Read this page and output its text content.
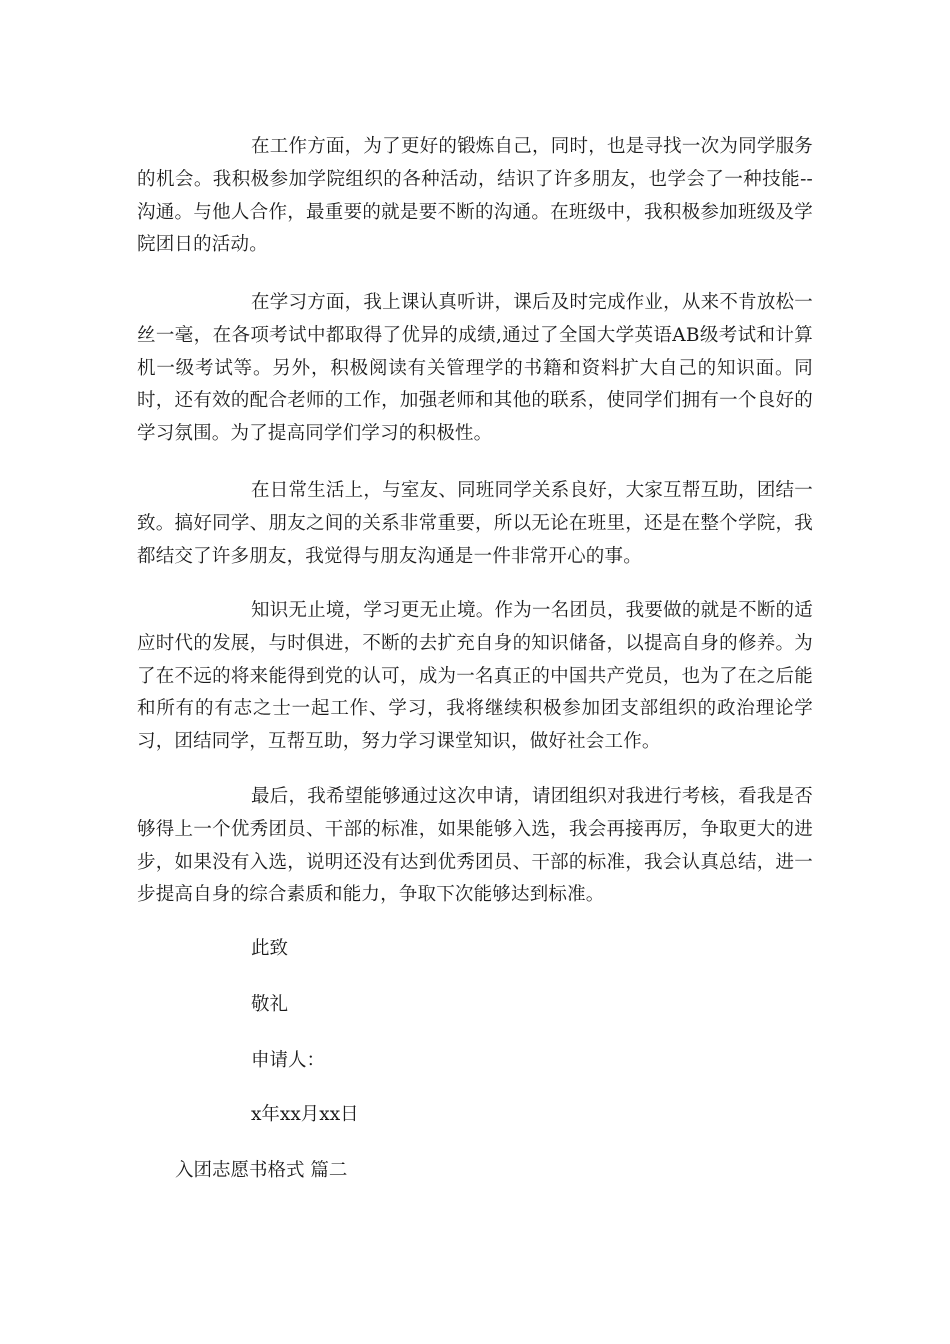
在工作方面，为了更好的锻炼自己，同时，也是寻找一次为同学服务的机会。我积极参加学院组织的各种活动，结识了许多朋友，也学会了一种技能--沟通。与他人合作，最重要的就是要不断的沟通。在班级中，我积极参加班级及学院团日的活动。

在学习方面，我上课认真听讲，课后及时完成作业，从来不肯放松一丝一毫，在各项考试中都取得了优异的成绩,通过了全国大学英语AB级考试和计算机一级考试等。另外，积极阅读有关管理学的书籍和资料扩大自己的知识面。同时，还有效的配合老师的工作，加强老师和其他的联系，使同学们拥有一个良好的学习氛围。为了提高同学们学习的积极性。

在日常生活上，与室友、同班同学关系良好，大家互帮互助，团结一致。搞好同学、朋友之间的关系非常重要，所以无论在班里，还是在整个学院，我都结交了许多朋友，我觉得与朋友沟通是一件非常开心的事。

知识无止境，学习更无止境。作为一名团员，我要做的就是不断的适应时代的发展，与时俱进，不断的去扩充自身的知识储备，以提高自身的修养。为了在不远的将来能得到党的认可，成为一名真正的中国共产党员，也为了在之后能和所有的有志之士一起工作、学习，我将继续积极参加团支部组织的政治理论学习，团结同学，互帮互助，努力学习课堂知识，做好社会工作。

最后，我希望能够通过这次申请，请团组织对我进行考核，看我是否够得上一个优秀团员、干部的标准，如果能够入选，我会再接再厉，争取更大的进步，如果没有入选，说明还没有达到优秀团员、干部的标准，我会认真总结，进一步提高自身的综合素质和能力，争取下次能够达到标准。

此致

敬礼

申请人：

x年xx月xx日

入团志愿书格式 篇二
